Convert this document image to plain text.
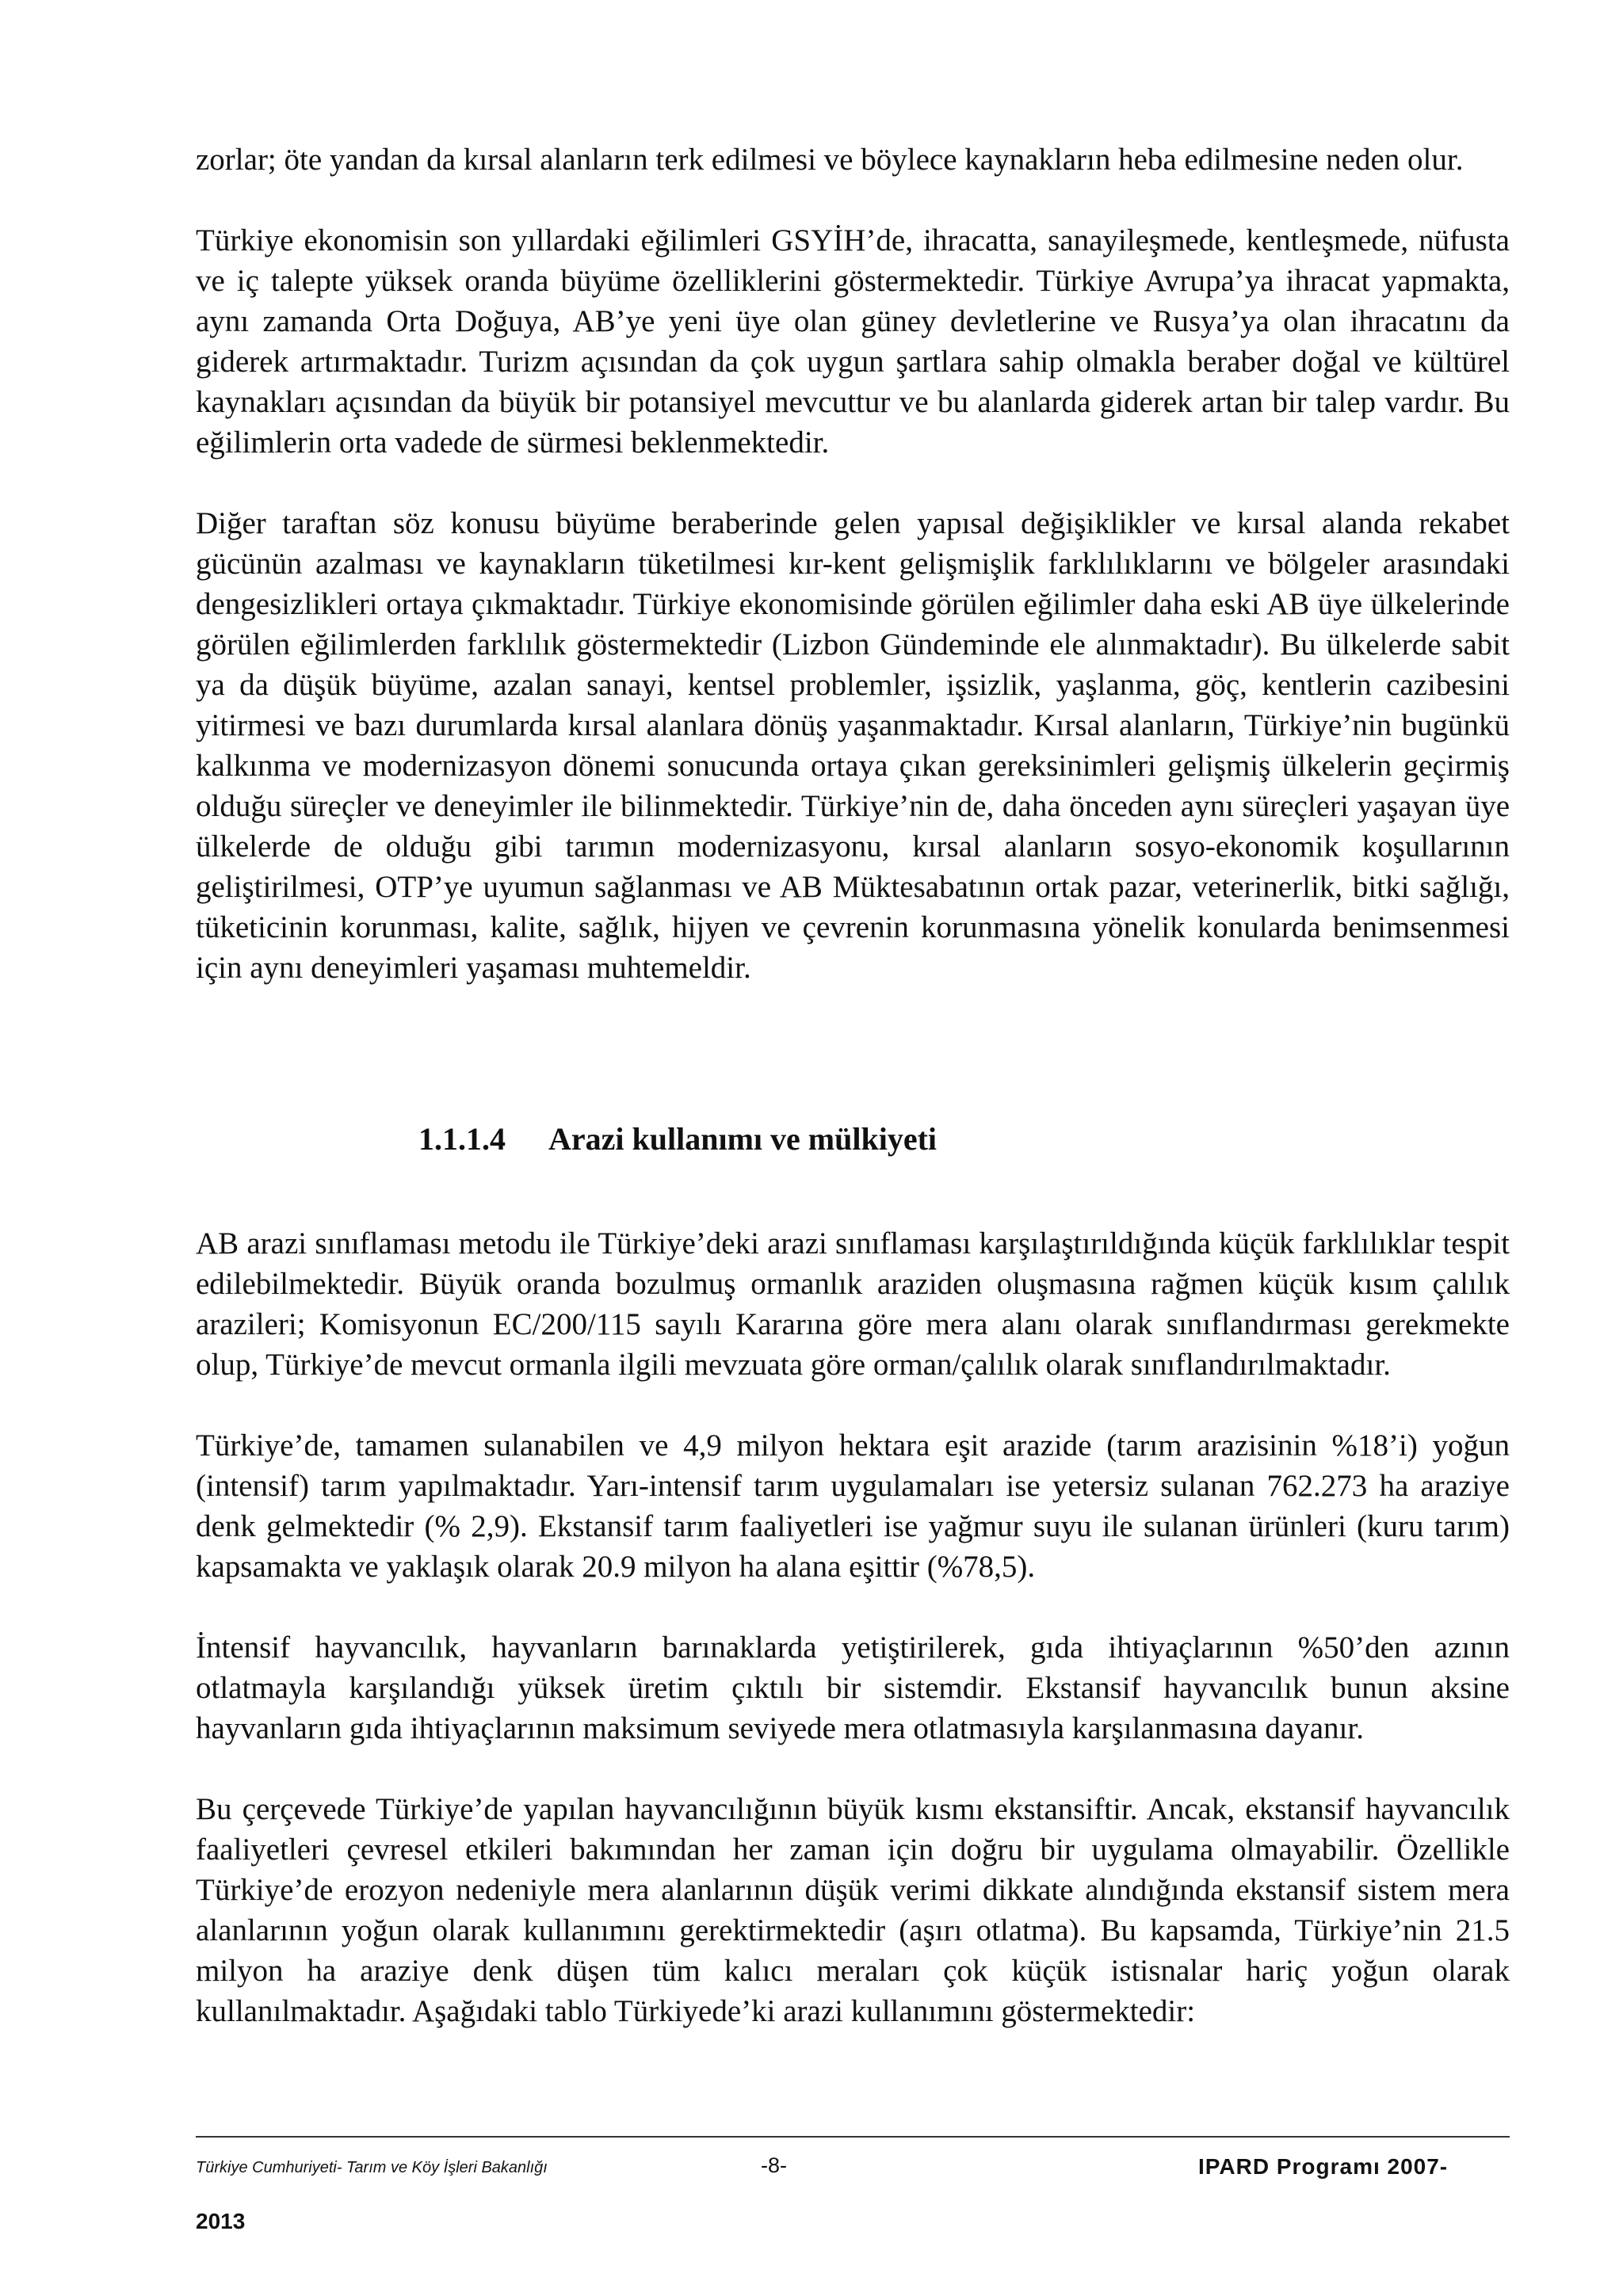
zorlar; öte yandan da kırsal alanların terk edilmesi ve böylece kaynakların heba edilmesine neden olur.

Türkiye ekonomisin son yıllardaki eğilimleri GSYİH’de, ihracatta, sanayileşmede, kentleşmede, nüfusta ve iç talepte yüksek oranda büyüme özelliklerini göstermektedir. Türkiye Avrupa’ya ihracat yapmakta, aynı zamanda Orta Doğuya, AB’ye yeni üye olan güney devletlerine ve Rusya’ya olan ihracatını da giderek artırmaktadır. Turizm açısından da çok uygun şartlara sahip olmakla beraber doğal ve kültürel kaynakları açısından da büyük bir potansiyel mevcuttur ve bu alanlarda giderek artan bir talep vardır. Bu eğilimlerin orta vadede de sürmesi beklenmektedir.

Diğer taraftan söz konusu büyüme beraberinde gelen yapısal değişiklikler ve kırsal alanda rekabet gücünün azalması ve kaynakların tüketilmesi kır-kent gelişmişlik farklılıklarını ve bölgeler arasındaki dengesizlikleri ortaya çıkmaktadır. Türkiye ekonomisinde görülen eğilimler daha eski AB üye ülkelerinde görülen eğilimlerden farklılık göstermektedir (Lizbon Gündeminde ele alınmaktadır). Bu ülkelerde sabit ya da düşük büyüme, azalan sanayi, kentsel problemler, işsizlik, yaşlanma, göç, kentlerin cazibesini yitirmesi ve bazı durumlarda kırsal alanlara dönüş yaşanmaktadır. Kırsal alanların, Türkiye’nin bugünkü kalkınma ve modernizasyon dönemi sonucunda ortaya çıkan gereksinimleri gelişmiş ülkelerin geçirmiş olduğu süreçler ve deneyimler ile bilinmektedir. Türkiye’nin de, daha önceden aynı süreçleri yaşayan üye ülkelerde de olduğu gibi tarımın modernizasyonu, kırsal alanların sosyo-ekonomik koşullarının geliştirilmesi, OTP’ye uyumun sağlanması ve AB Müktesabatının ortak pazar, veterinerlik, bitki sağlığı, tüketicinin korunması, kalite, sağlık, hijyen ve çevrenin korunmasına yönelik konularda benimsenmesi için aynı deneyimleri yaşaması muhtemeldir.

1.1.1.4 Arazi kullanımı ve mülkiyeti

AB arazi sınıflaması metodu ile Türkiye’deki arazi sınıflaması karşılaştırıldığında küçük farklılıklar tespit edilebilmektedir. Büyük oranda bozulmuş ormanlık araziden oluşmasına rağmen küçük kısım çalılık arazileri; Komisyonun EC/200/115 sayılı Kararına göre mera alanı olarak sınıflandırması gerekmekte olup, Türkiye’de mevcut ormanla ilgili mevzuata göre orman/çalılık olarak sınıflandırılmaktadır.

Türkiye’de, tamamen sulanabilen ve 4,9 milyon hektara eşit arazide (tarım arazisinin %18’i) yoğun (intensif) tarım yapılmaktadır. Yarı-intensif tarım uygulamaları ise yetersiz sulanan 762.273 ha araziye denk gelmektedir (% 2,9). Ekstansif tarım faaliyetleri ise yağmur suyu ile sulanan ürünleri (kuru tarım) kapsamakta ve yaklaşık olarak 20.9 milyon ha alana eşittir (%78,5).

İntensif hayvancılık, hayvanların barınaklarda yetiştirilerek, gıda ihtiyaçlarının %50’den azının otlatmayla karşılandığı yüksek üretim çıktılı bir sistemdir. Ekstansif hayvancılık bunun aksine hayvanların gıda ihtiyaçlarının maksimum seviyede mera otlatmasıyla karşılanmasına dayanır.

Bu çerçevede Türkiye’de yapılan hayvancılığının büyük kısmı ekstansiftir. Ancak, ekstansif hayvancılık faaliyetleri çevresel etkileri bakımından her zaman için doğru bir uygulama olmayabilir. Özellikle Türkiye’de erozyon nedeniyle mera alanlarının düşük verimi dikkate alındığında ekstansif sistem mera alanlarının yoğun olarak kullanımını gerektirmektedir (aşırı otlatma). Bu kapsamda, Türkiye’nin 21.5 milyon ha araziye denk düşen tüm kalıcı meraları çok küçük istisnalar hariç yoğun olarak kullanılmaktadır. Aşağıdaki tablo Türkiyede’ki arazi kullanımını göstermektedir:

Türkiye Cumhuriyeti- Tarım ve Köy İşleri Bakanlığı	-8-	IPARD Programı 2007-
2013
